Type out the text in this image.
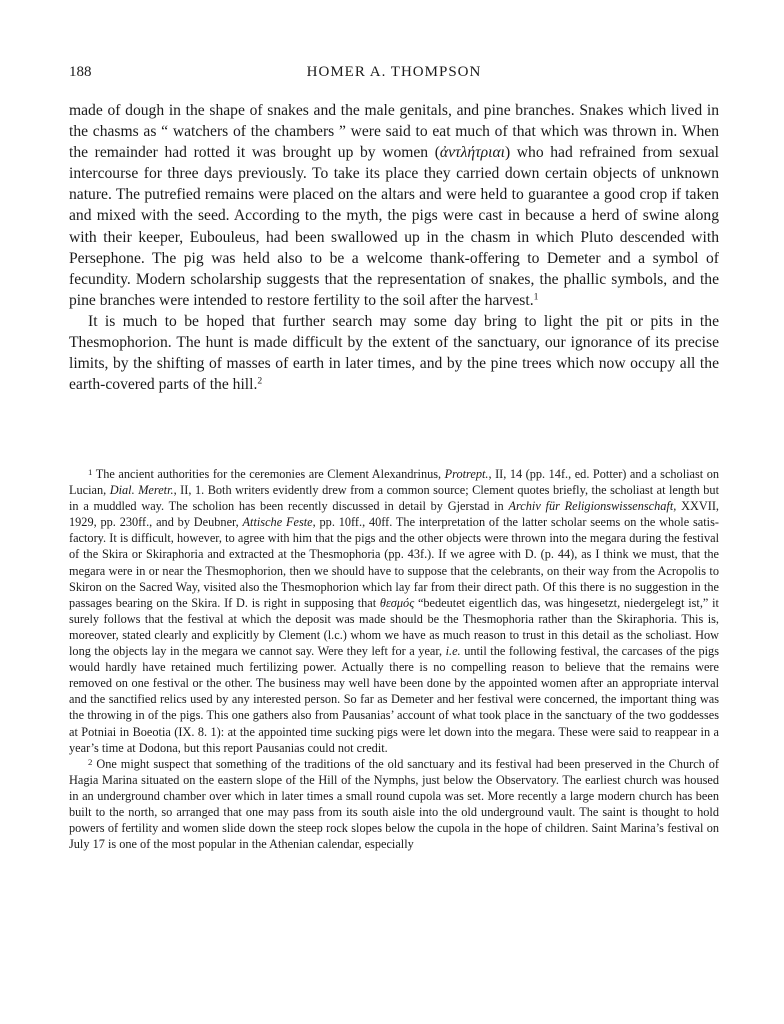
188	HOMER A. THOMPSON

made of dough in the shape of snakes and the male genitals, and pine branches. Snakes which lived in the chasms as “ watchers of the chambers ” were said to eat much of that which was thrown in. When the remainder had rotted it was brought up by women (ἀντλήτριαι) who had refrained from sexual intercourse for three days previously. To take its place they carried down certain objects of unknown nature. The putrefied remains were placed on the altars and were held to guarantee a good crop if taken and mixed with the seed. According to the myth, the pigs were cast in because a herd of swine along with their keeper, Eubouleus, had been swallowed up in the chasm in which Pluto descended with Persephone. The pig was held also to be a welcome thank-offering to Demeter and a symbol of fecundity. Modern scholarship suggests that the representation of snakes, the phallic symbols, and the pine branches were intended to restore fertility to the soil after the harvest.$^1$

It is much to be hoped that further search may some day bring to light the pit or pits in the Thesmophorion. The hunt is made difficult by the extent of the sanctuary, our ignorance of its precise limits, by the shifting of masses of earth in later times, and by the pine trees which now occupy all the earth-covered parts of the hill.$^2$

$^1$ The ancient authorities for the ceremonies are Clement Alexandrinus, Protrept., II, 14 (pp. 14f., ed. Potter) and a scholiast on Lucian, Dial. Meretr., II, 1. Both writers evidently drew from a common source; Clement quotes briefly, the scholiast at length but in a muddled way. The scholion has been recently discussed in detail by Gjerstad in Archiv für Religionswissenschaft, XXVII, 1929, pp. 230ff., and by Deubner, Attische Feste, pp. 10ff., 40ff. The interpretation of the latter scholar seems on the whole satisfactory. It is difficult, however, to agree with him that the pigs and the other objects were thrown into the megara during the festival of the Skira or Skiraphoria and extracted at the Thesmophoria (pp. 43f.). If we agree with D. (p. 44), as I think we must, that the megara were in or near the Thesmophorion, then we should have to suppose that the celebrants, on their way from the Acropolis to Skiron on the Sacred Way, visited also the Thesmophorion which lay far from their direct path. Of this there is no suggestion in the passages bearing on the Skira. If D. is right in supposing that θεσμός “bedeutet eigentlich das, was hingesetzt, niedergelegt ist,” it surely follows that the festival at which the deposit was made should be the Thesmophoria rather than the Skiraphoria. This is, moreover, stated clearly and explicitly by Clement (l.c.) whom we have as much reason to trust in this detail as the scholiast. How long the objects lay in the megara we cannot say. Were they left for a year, i.e. until the following festival, the carcases of the pigs would hardly have retained much fertilizing power. Actually there is no compelling reason to believe that the remains were removed on one festival or the other. The business may well have been done by the appointed women after an appropriate interval and the sanctified relics used by any interested person. So far as Demeter and her festival were concerned, the important thing was the throwing in of the pigs. This one gathers also from Pausanias’ account of what took place in the sanctuary of the two goddesses at Potniai in Boeotia (IX. 8. 1): at the appointed time sucking pigs were let down into the megara. These were said to reappear in a year’s time at Dodona, but this report Pausanias could not credit.

$^2$ One might suspect that something of the traditions of the old sanctuary and its festival had been preserved in the Church of Hagia Marina situated on the eastern slope of the Hill of the Nymphs, just below the Observatory. The earliest church was housed in an underground chamber over which in later times a small round cupola was set. More recently a large modern church has been built to the north, so arranged that one may pass from its south aisle into the old underground vault. The saint is thought to hold powers of fertility and women slide down the steep rock slopes below the cupola in the hope of children. Saint Marina’s festival on July 17 is one of the most popular in the Athenian calendar, especially
